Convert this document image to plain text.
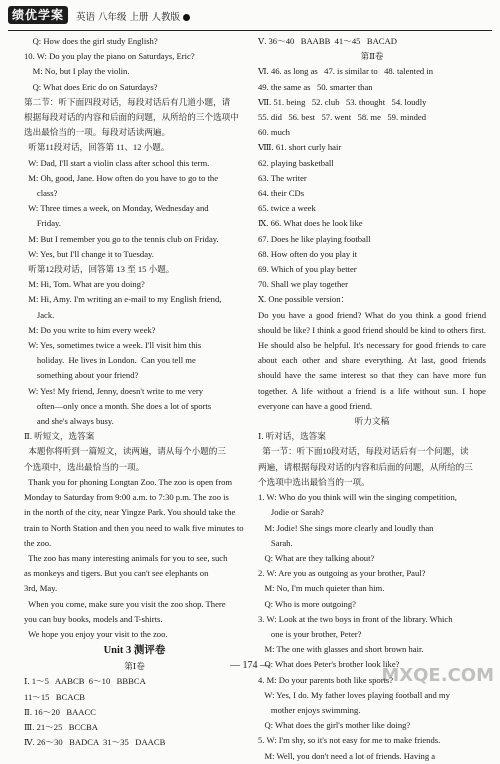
绩优学案	英语 八年级 上册 人教版
Q: How does the girl study English?
10. W: Do you play the piano on Saturdays, Eric?
M: No, but I play the violin.
Q: What does Eric do on Saturdays?
第二节：听下面四段对话，每段对话后有几道小题，请
根据每段对话的内容和后面的问题，从所给的三个选项中
选出最恰当的一项。每段对话读两遍。
听第11段对话，回答第 11、12 小题。
W: Dad, I'll start a violin class after school this term.
M: Oh, good, Jane. How often do you have to go to the
class?
W: Three times a week, on Monday, Wednesday and
Friday.
M: But I remember you go to the tennis club on Friday.
W: Yes, but I'll change it to Tuesday.
听第12段对话，回答第 13 至 15 小题。
M: Hi, Tom. What are you doing?
M: Hi, Amy. I'm writing an e-mail to my English friend,
Jack.
M: Do you write to him every week?
W: Yes, sometimes twice a week. I'll visit him this
holiday.  He lives in London.  Can you tell me
something about your friend?
W: Yes! My friend, Jenny, doesn't write to me very
often—only once a month. She does a lot of sports
and she's always busy.
Ⅱ. 听短文，选答案
本题你将听到一篇短文，读两遍，请从每个小题的三
个选项中，选出最恰当的一项。
Thank you for phoning Longtan Zoo. The zoo is open from
Monday to Saturday from 9:00 a.m. to 7:30 p.m. The zoo is
in the north of the city, near Yingze Park. You should take the
train to North Station and then you need to walk five minutes to
the zoo.
The zoo has many interesting animals for you to see, such
as monkeys and tigers. But you can't see elephants on
3rd, May.
When you come, make sure you visit the zoo shop. There
you can buy books, models and T-shirts.
We hope you enjoy your visit to the zoo.
Unit 3 测评卷
第Ⅰ卷
Ⅰ. 1～5   AABCB  6～10   BBBCA
11～15   BCACB
Ⅱ. 16～20   BAACC
Ⅲ. 21～25   BCCBA
Ⅳ. 26～30   BADCA  31～35   DAACB
Ⅴ. 36～40   BAABB  41～45   BACAD
第Ⅱ卷
Ⅵ. 46. as long as   47. is similar to   48. talented in
49. the same as   50. smarter than
Ⅶ. 51. being   52. club   53. thought   54. loudly
55. did   56. best   57. went   58. me   59. minded
60. much
Ⅷ. 61. short curly hair
62. playing basketball
63. The writer
64. their CDs
65. twice a week
Ⅸ. 66. What does he look like
67. Does he like playing football
68. How often do you play it
69. Which of you play better
70. Shall we play together
Ⅹ. One possible version：
Do you have a good friend? What do you think a good friend should be like? I think a good friend should be kind to others first. He should also be helpful. It's necessary for good friends to care about each other and share everything. At last, good friends should have the same interest so that they can have more fun together. A life without a friend is a life without sun. I hope everyone can have a good friend.
听力文稿
Ⅰ. 听对话，选答案
第一节：听下面10段对话，每段对话后有一个问题，读
两遍，请根据每段对话的内容和后面的问题，从所给的三
个选项中选出最恰当的一项。
1. W: Who do you think will win the singing competition,
Jodie or Sarah?
M: Jodie! She sings more clearly and loudly than
Sarah.
Q: What are they talking about?
2. W: Are you as outgoing as your brother, Paul?
M: No, I'm much quieter than him.
Q: Who is more outgoing?
3. W: Look at the two boys in front of the library. Which
one is your brother, Peter?
M: The one with glasses and short brown hair.
Q: What does Peter's brother look like?
4. M: Do your parents both like sports?
W: Yes, I do. My father loves playing football and my
mother enjoys swimming.
Q: What does the girl's mother like doing?
5. W: I'm shy, so it's not easy for me to make friends.
M: Well, you don't need a lot of friends. Having a
— 174 —	MXQE.COM
